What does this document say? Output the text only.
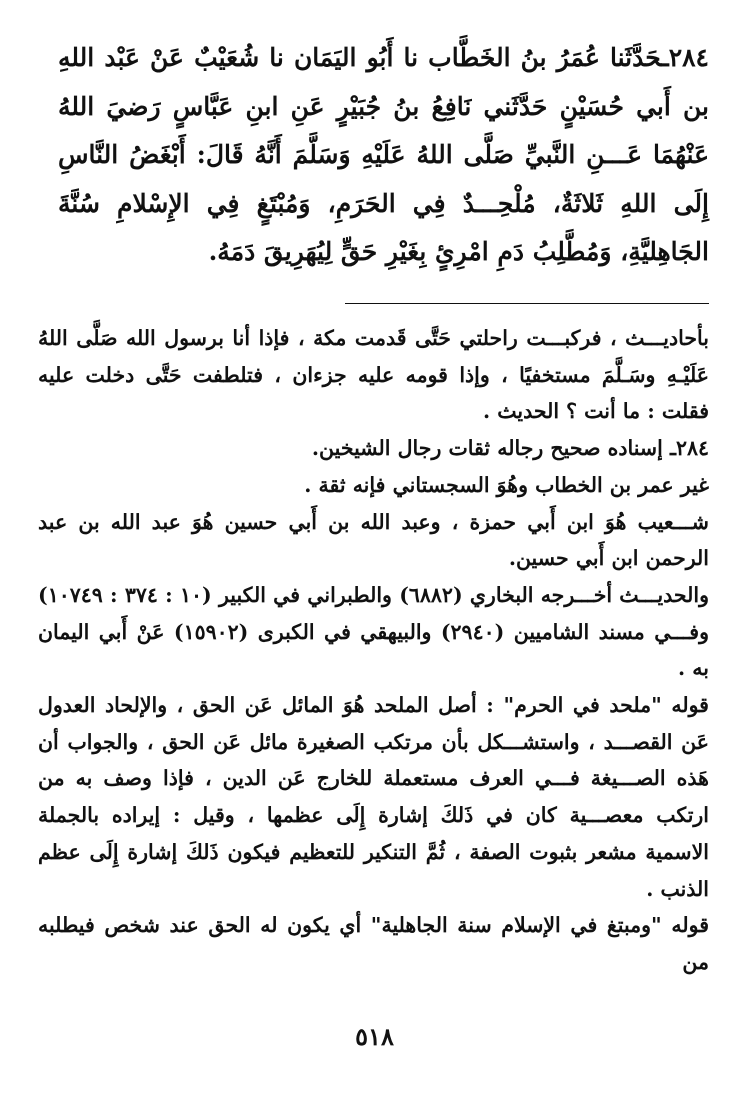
٢٨٤ـحَدَّثَنا عُمَرُ بنُ الخَطَّاب نا أَبُو اليَمَان نا شُعَيْبٌ عَنْ عَبْد اللهِ بن أَبي حُسَيْنٍ حَدَّثَني نَافِعُ بنُ جُبَيْرٍ عَنِ ابنِ عَبَّاسٍ رَضيَ اللهُ عَنْهُمَا عَـــنِ النَّبيِّ صَلَّى اللهُ عَلَيْهِ وَسَلَّمَ أَنَّهُ قَالَ: أَبْغَضُ النَّاسِ إِلَى اللهِ ثَلاثَةٌ، مُلْحِـــدٌ فِي الحَرَمِ، وَمُبْتَغٍ فِي الإِسْلامِ سُنَّةَ الجَاهِليَّةِ، وَمُطَّلِبُ دَمِ امْرِئٍ بِغَيْرِ حَقٍّ لِيُهَرِيقَ دَمَهُ.

بأحاديـــث ، فركبـــت راحلتي حَتَّى قَدمت مكة ، فإذا أنا برسول الله صَلَّى اللهُ عَلَيْـهِ وسَـلَّمَ مستخفيًا ، وإذا قومه عليه جزءان ، فتلطفت حَتَّى دخلت عليه فقلت : ما أنت ؟ الحديث .

٢٨٤ـ إسناده صحيح رجاله ثقات رجال الشيخين.

غير عمر بن الخطاب وهُوَ السجستاني فإنه ثقة .

شـــعيب هُوَ ابن أَبي حمزة ، وعبد الله بن أَبي حسين هُوَ عبد الله بن عبد الرحمن ابن أَبي حسين.

والحديـــث أخـــرجه البخاري (٦٨٨٢) والطبراني في الكبير (١٠ : ٣٧٤ : ١٠٧٤٩) وفـــي مسند الشاميين (٢٩٤٠) والبيهقي في الكبرى (١٥٩٠٢) عَنْ أَبي اليمان به .

قوله "ملحد في الحرم" : أصل الملحد هُوَ المائل عَن الحق ، والإلحاد العدول عَن القصـــد ، واستشـــكل بأن مرتكب الصغيرة مائل عَن الحق ، والجواب أن هَذه الصـــيغة فـــي العرف مستعملة للخارج عَن الدين ، فإذا وصف به من ارتكب معصـــية كان في ذَلكَ إشارة إِلَى عظمها ، وقيل : إيراده بالجملة الاسمية مشعر بثبوت الصفة ، ثُمَّ التنكير للتعظيم فيكون ذَلكَ إشارة إِلَى عظم الذنب .

قوله "ومبتغ في الإسلام سنة الجاهلية" أي يكون له الحق عند شخص فيطلبه من

٥١٨
